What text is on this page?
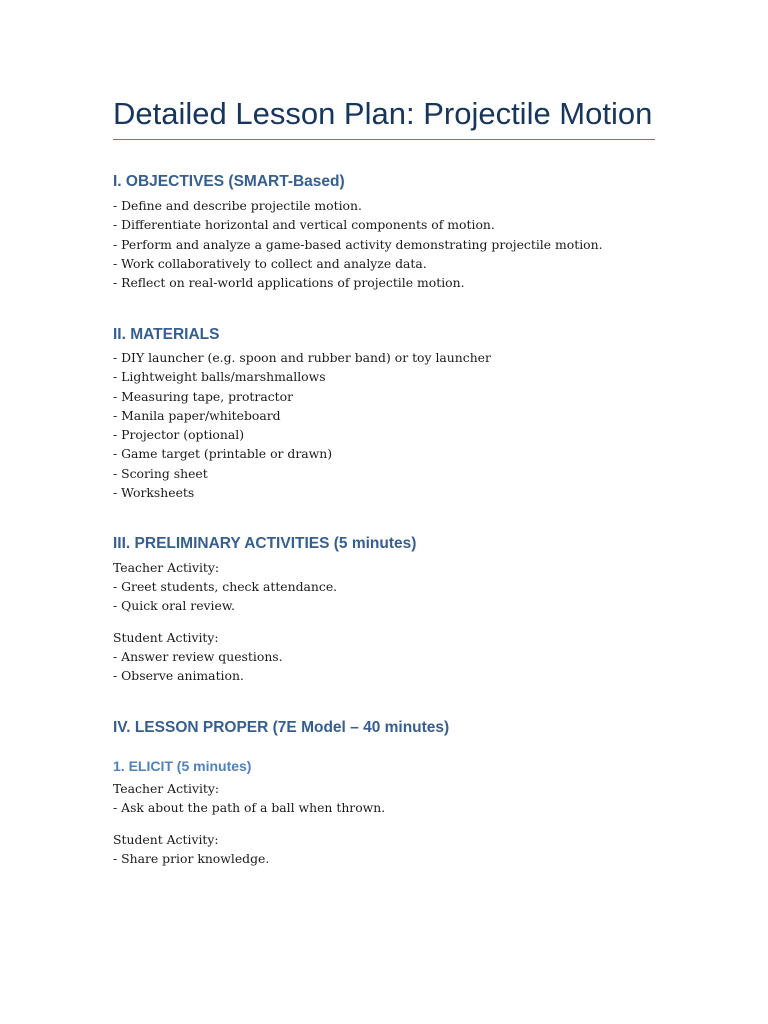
Detailed Lesson Plan: Projectile Motion
I. OBJECTIVES (SMART-Based)
- Define and describe projectile motion.
- Differentiate horizontal and vertical components of motion.
- Perform and analyze a game-based activity demonstrating projectile motion.
- Work collaboratively to collect and analyze data.
- Reflect on real-world applications of projectile motion.
II. MATERIALS
- DIY launcher (e.g. spoon and rubber band) or toy launcher
- Lightweight balls/marshmallows
- Measuring tape, protractor
- Manila paper/whiteboard
- Projector (optional)
- Game target (printable or drawn)
- Scoring sheet
- Worksheets
III. PRELIMINARY ACTIVITIES (5 minutes)
Teacher Activity:
- Greet students, check attendance.
- Quick oral review.
Student Activity:
- Answer review questions.
- Observe animation.
IV. LESSON PROPER (7E Model – 40 minutes)
1. ELICIT (5 minutes)
Teacher Activity:
- Ask about the path of a ball when thrown.
Student Activity:
- Share prior knowledge.
